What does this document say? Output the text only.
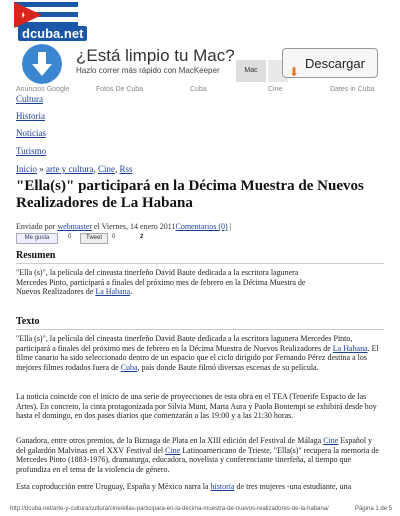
dcuba.net
¿Está limpio tu Mac?
Hazlo correr más rápido con MacKeeper	Mac	⬇
Descargar
Anuncios Google	Fotos De Cuba	Cuba	Cine	Dates in Cuba
Cultura
Historia
Noticias
Turismo
Inicio » arte y cultura, Cine, Rss
"Ella(s)" participará en la Décima Muestra de Nuevos Realizadores de La Habana
Enviado por webmaster el Viernes, 14 enero 2011Comentarios (0) |
Me gusta	0	Tweet	0	2
Resumen

"Ella (s)", la película del cineasta tinerfeño David Baute dedicada a la escritora lagunera Mercedes Pinto, participará a finales del próximo mes de febrero en la Décima Muestra de Nuevos Realizadores de La Habana.

Texto

"Ella (s)", la película del cineasta tinerfeño David Baute dedicada a la escritora lagunera Mercedes Pinto, participará a finales del próximo mes de febrero en la Décima Muestra de Nuevos Realizadores de La Habana. El filme canario ha sido seleccionado dentro de un espacio que el ciclo dirigido por Fernando Pérez destina a los mejores filmes rodados fuera de Cuba, país donde Baute filmó diversas escenas de su película.

La noticia coincide con el inicio de una serie de proyecciones de esta obra en el TEA (Tenerife Espacio de las Artes). En concreto, la cinta protagonizada por Silvia Munt, Marta Aura y Paola Bontempi se exhibirá desde hoy hasta el domingo, en dos pases diarios que comenzarán a las 19:00 y a las 21:30 horas.

Ganadora, entre otros premios, de la Biznaga de Plata en la XIII edición del Festival de Málaga Cine Español y del galardón Malvinas en el XXV Festival del Cine Latinoamericano de Trieste, "Ella(s)" recupera la memoria de Mercedes Pinto (1883-1976), dramaturga, educadora, novelista y conferenciante tinerfeña, al tiempo que profundiza en el tema de la violencia de género.

Esta coproducción entre Uruguay, España y México narra la historia de tres mujeres -una estudiante, una

http://dcuba.net/arte-y-cultura/cultura/cine/ellas-participara-en-la-decima-muestra-de-nuevos-realizadores-de-la-habana/	Página 1 de 5
